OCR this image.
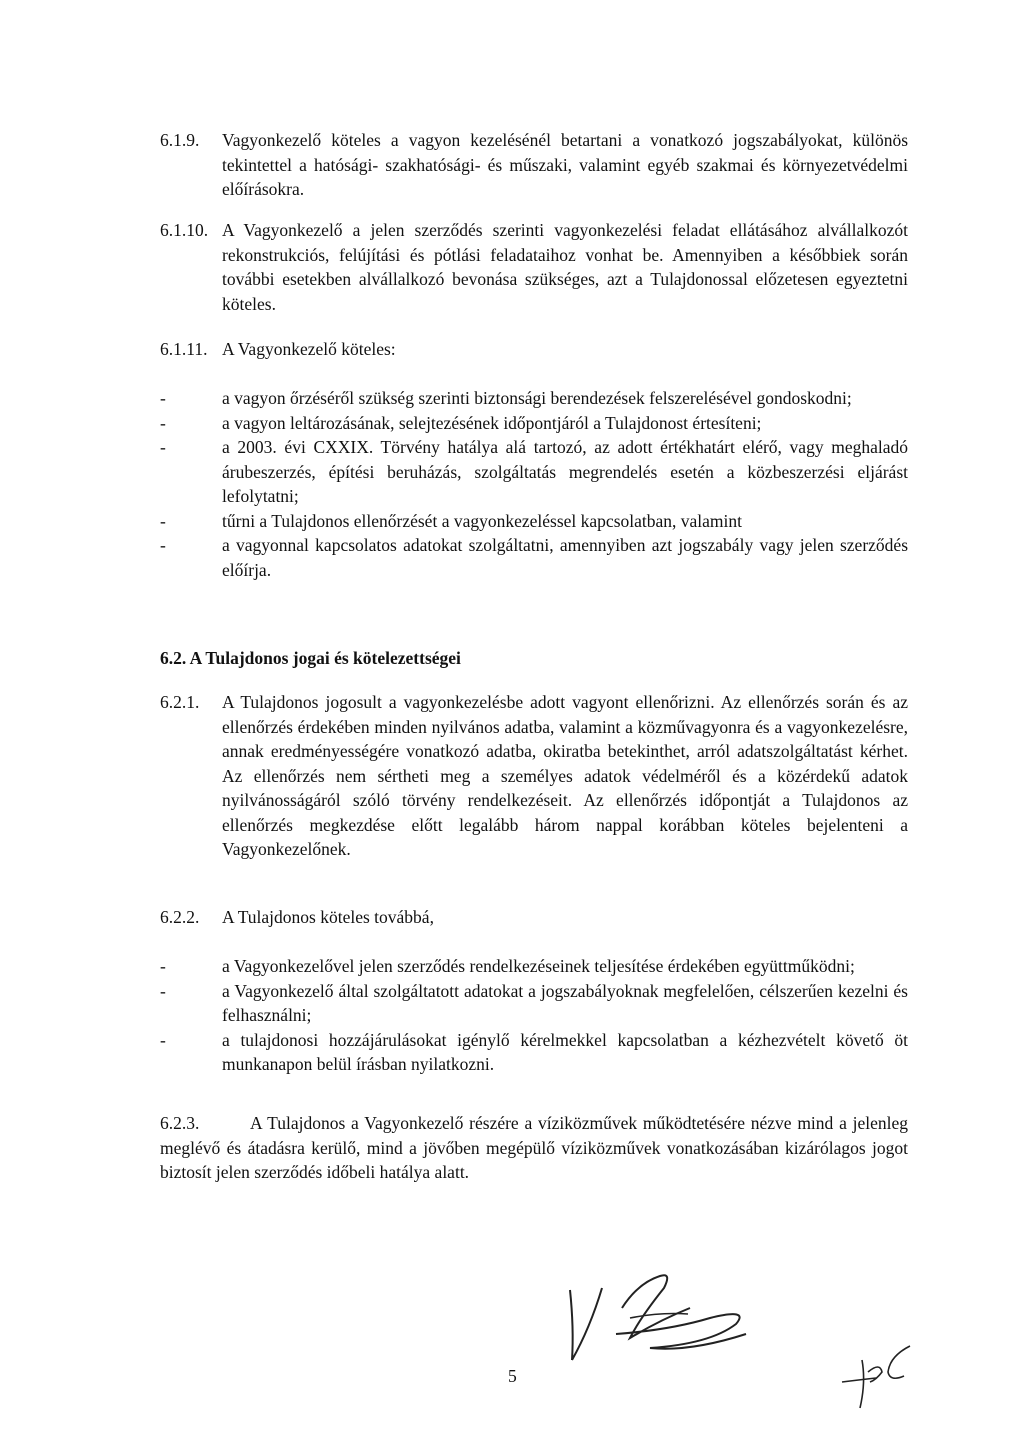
6.1.9. Vagyonkezelő köteles a vagyon kezelésénél betartani a vonatkozó jogszabályokat, különös tekintettel a hatósági- szakhatósági- és műszaki, valamint egyéb szakmai és környezetvédelmi előírásokra.
6.1.10. A Vagyonkezelő a jelen szerződés szerinti vagyonkezelési feladat ellátásához alvállalkozót rekonstrukciós, felújítási és pótlási feladataihoz vonhat be. Amennyiben a későbbiek során további esetekben alvállalkozó bevonása szükséges, azt a Tulajdonossal előzetesen egyeztetni köteles.
6.1.11. A Vagyonkezelő köteles:
-	a vagyon őrzéséről szükség szerinti biztonsági berendezések felszerelésével gondoskodni;
-	a vagyon leltározásának, selejtezésének időpontjáról a Tulajdonost értesíteni;
-	a 2003. évi CXXIX. Törvény hatálya alá tartozó, az adott értékhatárt elérő, vagy meghaladó árubeszerzés, építési beruházás, szolgáltatás megrendelés esetén a közbeszerzési eljárást lefolytatni;
-	tűrni a Tulajdonos ellenőrzését a vagyonkezeléssel kapcsolatban, valamint
-	a vagyonnal kapcsolatos adatokat szolgáltatni, amennyiben azt jogszabály vagy jelen szerződés előírja.
6.2. A Tulajdonos jogai és kötelezettségei
6.2.1. A Tulajdonos jogosult a vagyonkezelésbe adott vagyont ellenőrizni. Az ellenőrzés során és az ellenőrzés érdekében minden nyilvános adatba, valamint a közművagyonra és a vagyonkezelésre, annak eredményességére vonatkozó adatba, okiratba betekinthet, arról adatszolgáltatást kérhet. Az ellenőrzés nem sértheti meg a személyes adatok védelméről és a közérdekű adatok nyilvánosságáról szóló törvény rendelkezéseit. Az ellenőrzés időpontját a Tulajdonos az ellenőrzés megkezdése előtt legalább három nappal korábban köteles bejelenteni a Vagyonkezelőnek.
6.2.2. A Tulajdonos köteles továbbá,
-	a Vagyonkezelővel jelen szerződés rendelkezéseinek teljesítése érdekében együttműködni;
-	a Vagyonkezelő által szolgáltatott adatokat a jogszabályoknak megfelelően, célszerűen kezelni és felhasználni;
-	a tulajdonosi hozzájárulásokat igénylő kérelmekkel kapcsolatban a kézhezvételt követő öt munkanapon belül írásban nyilatkozni.
6.2.3.	A Tulajdonos a Vagyonkezelő részére a víziközművek működtetésére nézve mind a jelenleg meglévő és átadásra kerülő, mind a jövőben megépülő víziközművek vonatkozásában kizárólagos jogot biztosít jelen szerződés időbeli hatálya alatt.
5
